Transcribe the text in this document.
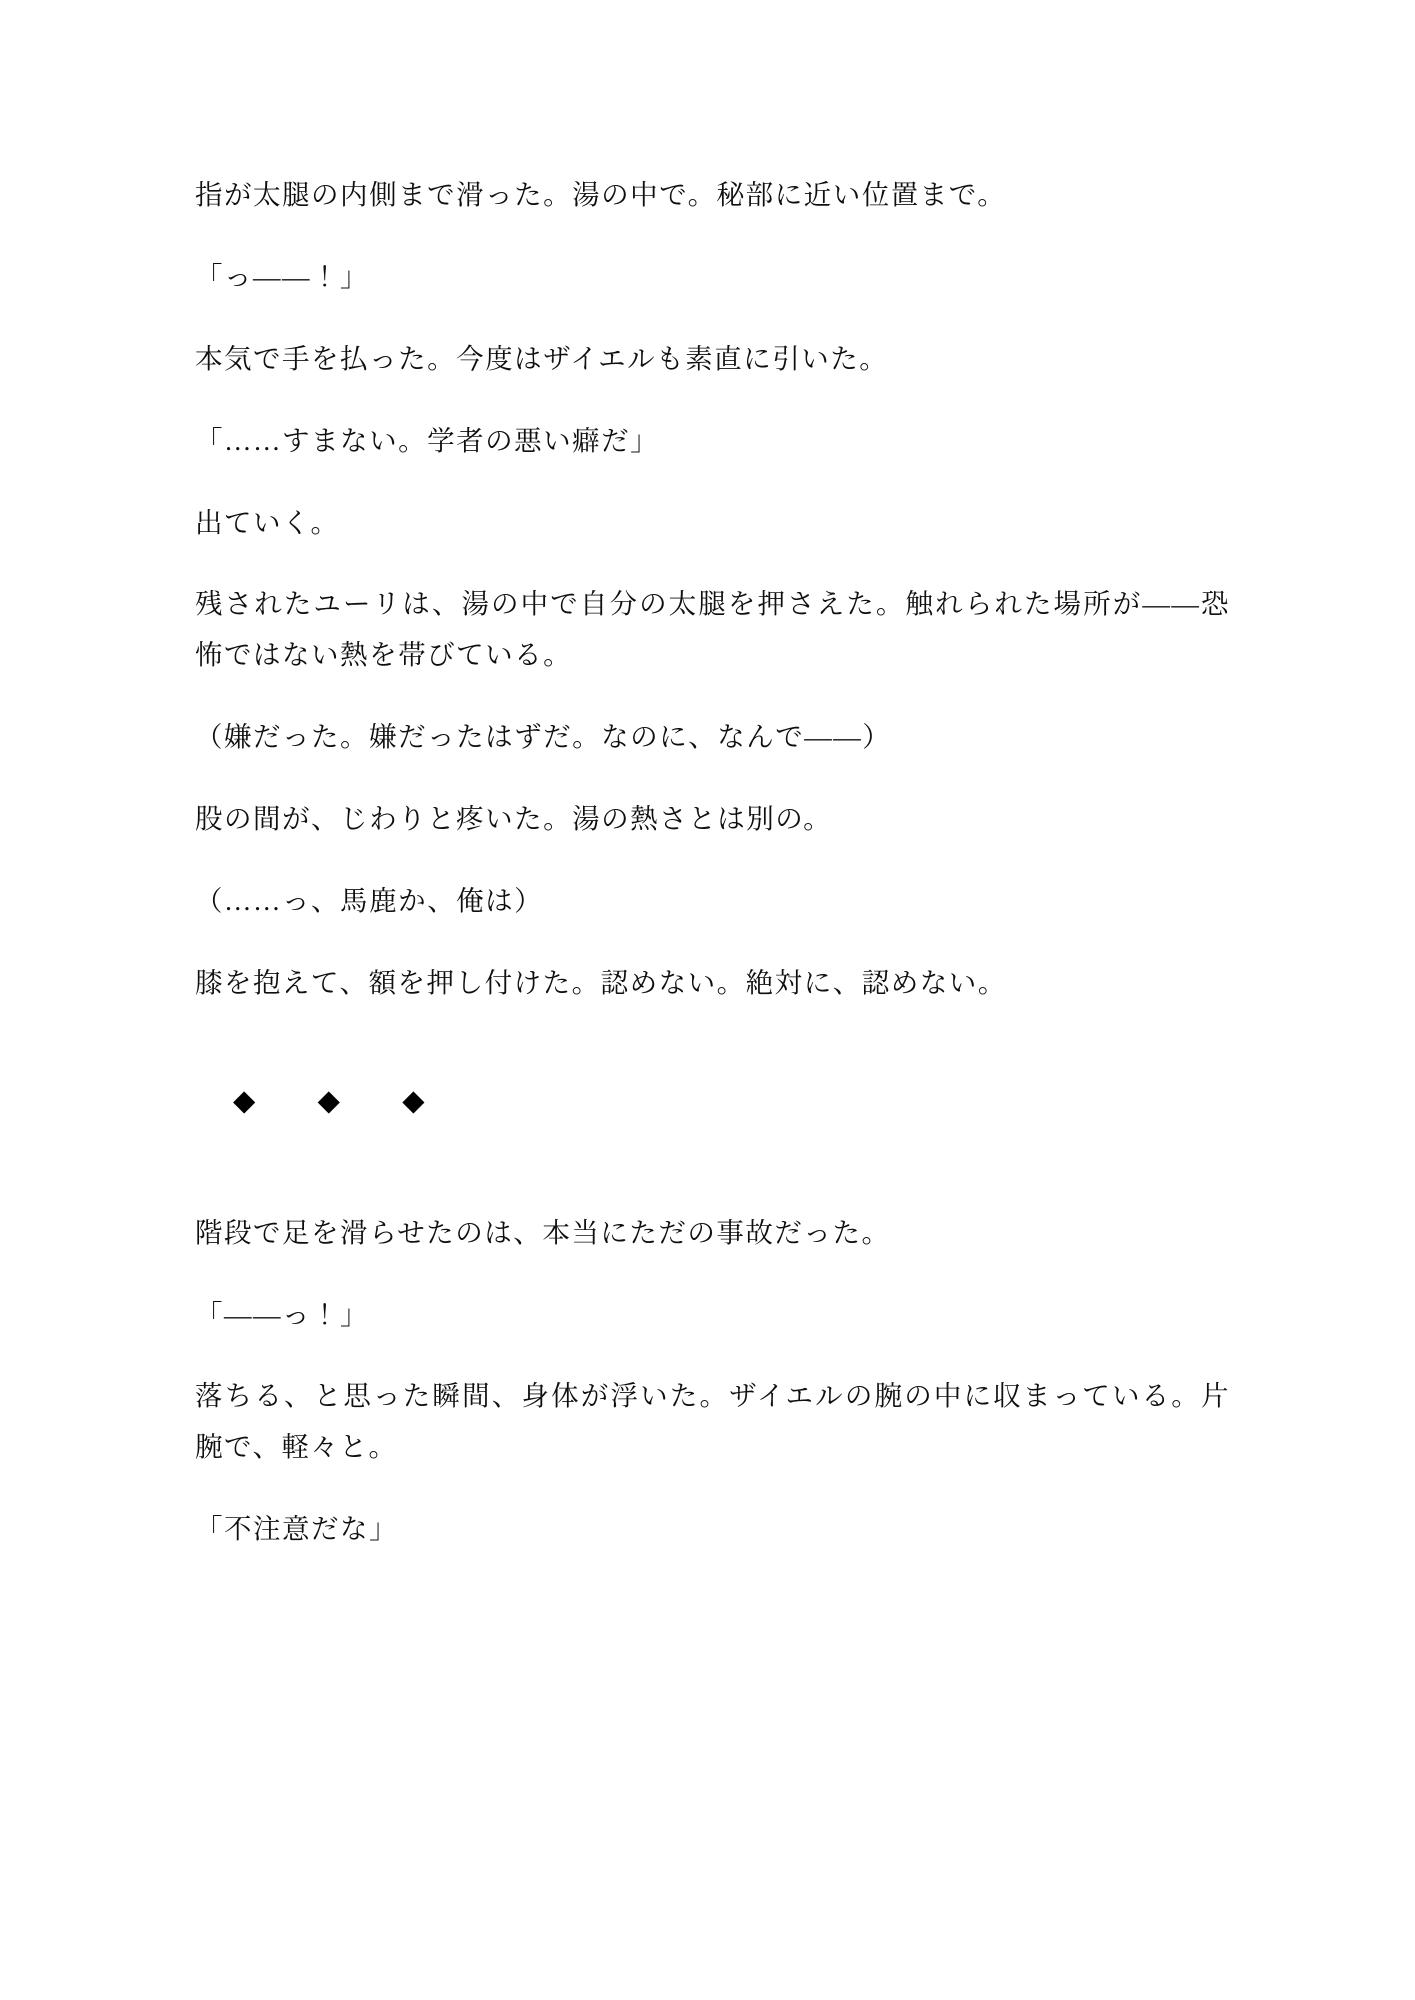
指が太腿の内側まで滑った。湯の中で。秘部に近い位置まで。

「っ——！」

本気で手を払った。今度はザイエルも素直に引いた。

「……すまない。学者の悪い癖だ」

出ていく。

残されたユーリは、湯の中で自分の太腿を押さえた。触れられた場所が——恐怖ではない熱を帯びている。

（嫌だった。嫌だったはずだ。なのに、なんで——）

股の間が、じわりと疼いた。湯の熱さとは別の。

（……っ、馬鹿か、俺は）

膝を抱えて、額を押し付けた。認めない。絶対に、認めない。

◆ ◆ ◆

階段で足を滑らせたのは、本当にただの事故だった。

「——っ！」

落ちる、と思った瞬間、身体が浮いた。ザイエルの腕の中に収まっている。片腕で、軽々と。

「不注意だな」
